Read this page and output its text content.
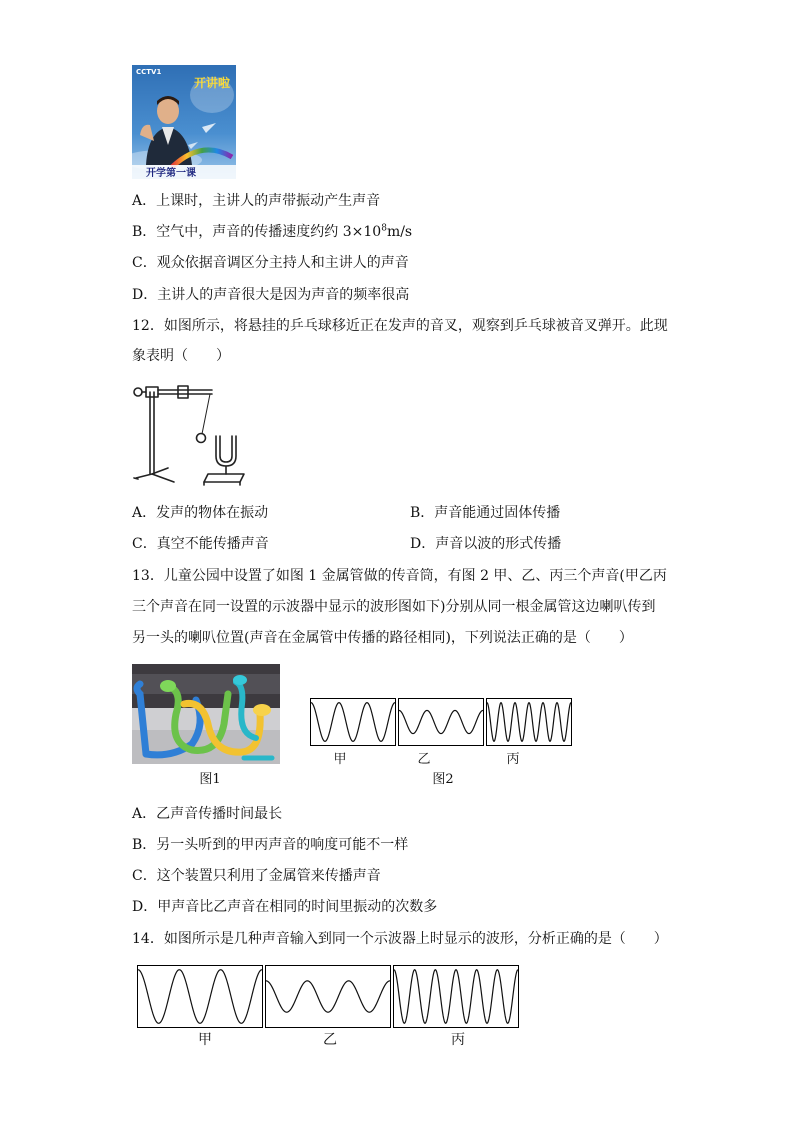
CCTV1
开讲啦
开学第一课
A．上课时，主讲人的声带振动产生声音
B．空气中，声音的传播速度约约 $3\times 10^8m/s$
C．观众依据音调区分主持人和主讲人的声音
D．主讲人的声音很大是因为声音的频率很高
12．如图所示，将悬挂的乒乓球移近正在发声的音叉，观察到乒乓球被音叉弹开。此现
象表明（　　）
A．发声的物体在振动	B．声音能通过固体传播
C．真空不能传播声音	D．声音以波的形式传播
13．儿童公园中设置了如图 1 金属管做的传音筒，有图 2 甲、乙、丙三个声音(甲乙丙
三个声音在同一设置的示波器中显示的波形图如下)分别从同一根金属管这边喇叭传到
另一头的喇叭位置(声音在金属管中传播的路径相同)，下列说法正确的是（　　）
图1
甲	乙	丙
图2
A．乙声音传播时间最长
B．另一头听到的甲丙声音的响度可能不一样
C．这个装置只利用了金属管来传播声音
D．甲声音比乙声音在相同的时间里振动的次数多
14．如图所示是几种声音输入到同一个示波器上时显示的波形，分析正确的是（　　）
甲	乙	丙
